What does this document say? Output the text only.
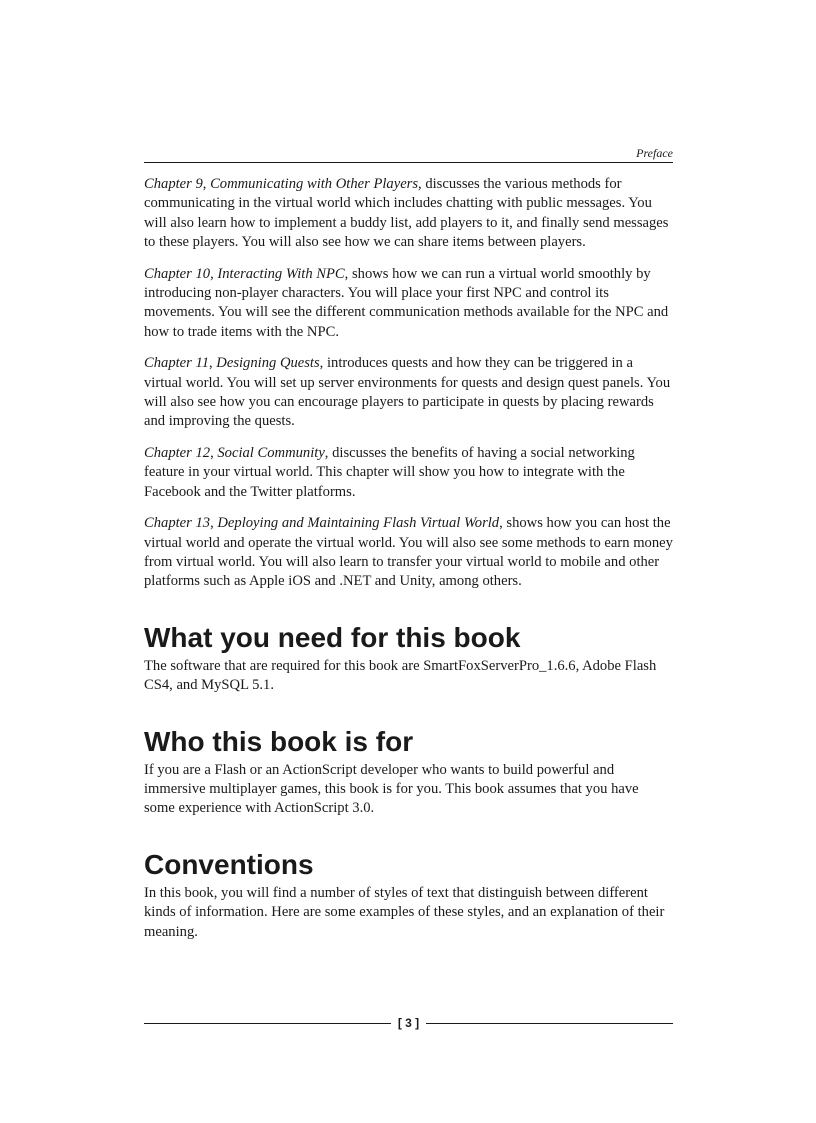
Preface

Chapter 9, Communicating with Other Players, discusses the various methods for communicating in the virtual world which includes chatting with public messages. You will also learn how to implement a buddy list, add players to it, and finally send messages to these players. You will also see how we can share items between players.

Chapter 10, Interacting With NPC, shows how we can run a virtual world smoothly by introducing non-player characters. You will place your first NPC and control its movements. You will see the different communication methods available for the NPC and how to trade items with the NPC.

Chapter 11, Designing Quests, introduces quests and how they can be triggered in a virtual world. You will set up server environments for quests and design quest panels. You will also see how you can encourage players to participate in quests by placing rewards and improving the quests.

Chapter 12, Social Community, discusses the benefits of having a social networking feature in your virtual world. This chapter will show you how to integrate with the Facebook and the Twitter platforms.

Chapter 13, Deploying and Maintaining Flash Virtual World, shows how you can host the virtual world and operate the virtual world. You will also see some methods to earn money from virtual world. You will also learn to transfer your virtual world to mobile and other platforms such as Apple iOS and .NET and Unity, among others.

What you need for this book

The software that are required for this book are SmartFoxServerPro_1.6.6, Adobe Flash CS4, and MySQL 5.1.

Who this book is for

If you are a Flash or an ActionScript developer who wants to build powerful and immersive multiplayer games, this book is for you. This book assumes that you have some experience with ActionScript 3.0.

Conventions

In this book, you will find a number of styles of text that distinguish between different kinds of information. Here are some examples of these styles, and an explanation of their meaning.

[ 3 ]
